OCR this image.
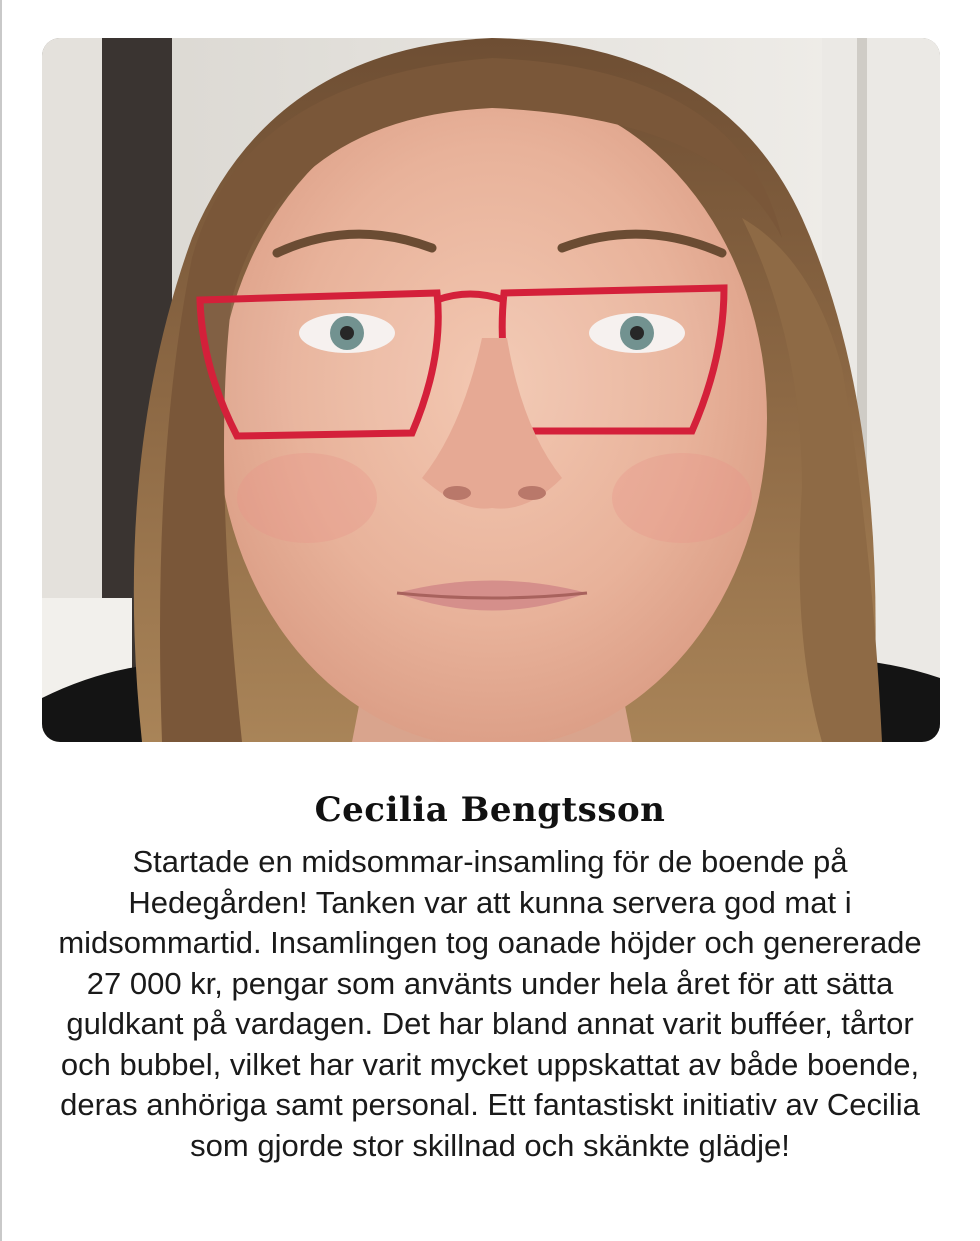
Cecilia Bengtsson

Startade en midsommar-insamling för de boende på Hedegården! Tanken var att kunna servera god mat i midsommartid. Insamlingen tog oanade höjder och genererade 27 000 kr, pengar som använts under hela året för att sätta guldkant på vardagen. Det har bland annat varit bufféer, tårtor och bubbel, vilket har varit mycket uppskattat av både boende, deras anhöriga samt personal. Ett fantastiskt initiativ av Cecilia som gjorde stor skillnad och skänkte glädje!
